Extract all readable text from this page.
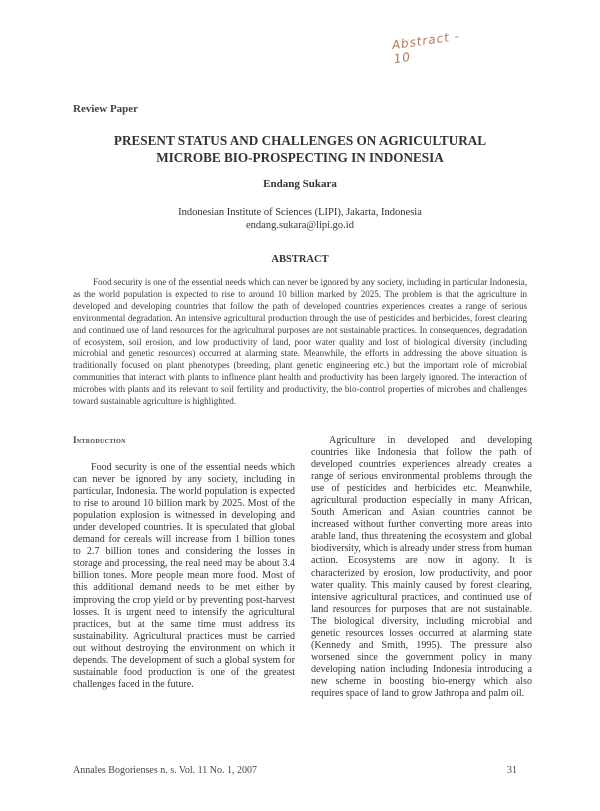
Abstract - 10
Review Paper
PRESENT STATUS AND CHALLENGES ON AGRICULTURAL
MICROBE BIO-PROSPECTING IN INDONESIA
Endang Sukara
Indonesian Institute of Sciences (LIPI), Jakarta, Indonesia
endang.sukara@lipi.go.id
ABSTRACT
Food security is one of the essential needs which can never be ignored by any society, including in particular Indonesia, as the world population is expected to rise to around 10 billion marked by 2025. The problem is that the agriculture in developed and developing countries that follow the path of developed countries experiences creates a range of serious environmental degradation. An intensive agricultural production through the use of pesticides and herbicides, forest clearing and continued use of land resources for the agricultural purposes are not sustainable practices. In consequences, degradation of ecosystem, soil erosion, and low productivity of land, poor water quality and lost of biological diversity (including microbial and genetic resources) occurred at alarming state. Meanwhile, the efforts in addressing the above situation is traditionally focused on plant phenotypes (breeding, plant genetic engineering etc.) but the important role of microbial communities that interact with plants to influence plant health and productivity has been largely ignored. The interaction of microbes with plants and its relevant to soil fertility and productivity, the bio-control properties of microbes and challenges toward sustainable agriculture is highlighted.
Introduction

Food security is one of the essential needs which can never be ignored by any society, including in particular, Indonesia. The world population is expected to rise to around 10 billion mark by 2025. Most of the population explosion is witnessed in developing and under developed countries. It is speculated that global demand for cereals will increase from 1 billion tones to 2.7 billion tones and considering the losses in storage and processing, the real need may be about 3.4 billion tones. More people mean more food. Most of this additional demand needs to be met either by improving the crop yield or by preventing post-harvest losses. It is urgent need to intensify the agricultural practices, but at the same time must address its sustainability. Agricultural practices must be carried out without destroying the environment on which it depends. The development of such a global system for sustainable food production is one of the greatest challenges faced in the future.

Agriculture in developed and developing countries like Indonesia that follow the path of developed countries experiences already creates a range of serious environmental problems through the use of pesticides and herbicides etc. Meanwhile, agricultural production especially in many African, South American and Asian countries cannot be increased without further converting more areas into arable land, thus threatening the ecosystem and global biodiversity, which is already under stress from human action. Ecosystems are now in agony. It is characterized by erosion, low productivity, and poor water quality. This mainly caused by forest clearing, intensive agricultural practices, and continued use of land resources for purposes that are not sustainable. The biological diversity, including microbial and genetic resources losses occurred at alarming state (Kennedy and Smith, 1995). The pressure also worsened since the government policy in many developing nation including Indonesia introducing a new scheme in boosting bio-energy which also requires space of land to grow Jathropa and palm oil.

Annales Bogorienses n. s. Vol. 11 No. 1, 2007	31
